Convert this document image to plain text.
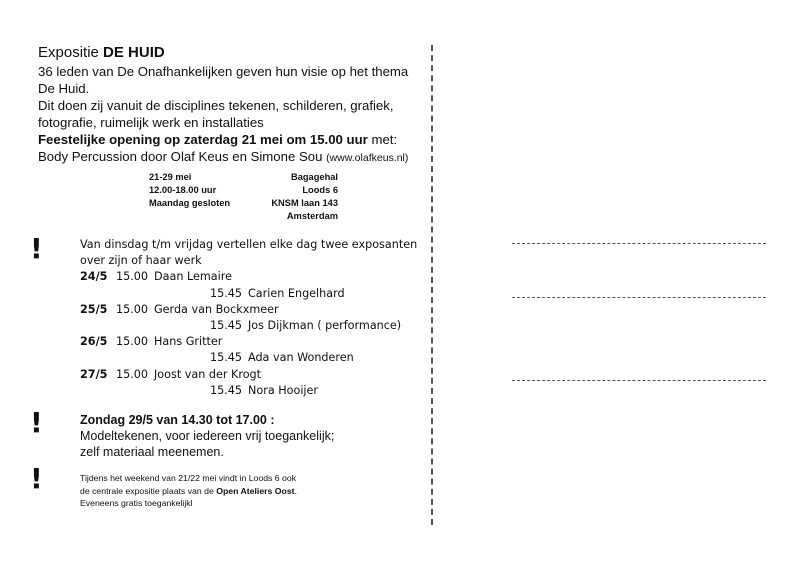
Expositie DE HUID
36 leden van De Onafhankelijken geven hun visie op het thema
De Huid.
Dit doen zij vanuit de disciplines tekenen, schilderen, grafiek,
fotografie, ruimelijk werk en installaties
Feestelijke opening op zaterdag 21 mei om 15.00 uur met:
Body Percussion door Olaf Keus en Simone Sou (www.olafkeus.nl)
21-29 mei
12.00-18.00 uur
Maandag gesloten
Bagagehal Loods 6
KNSM laan 143
Amsterdam
!
!
!
Van dinsdag t/m vrijdag vertellen elke dag twee exposanten
over zijn of haar werk
24/5 15.00 Daan Lemaire
15.45 Carien Engelhard
25/5 15.00 Gerda van Bockxmeer
15.45 Jos Dijkman ( performance)
26/5 15.00 Hans Gritter
15.45 Ada van Wonderen
27/5 15.00 Joost van der Krogt
15.45 Nora Hooijer
Zondag 29/5 van 14.30 tot 17.00 :
Modeltekenen, voor iedereen vrij toegankelijk;
zelf materiaal meenemen.
Tijdens het weekend van 21/22 mei vindt in Loods 6 ook
de centrale expositie plaats van de Open Ateliers Oost.
Eveneens gratis toegankelijkl
